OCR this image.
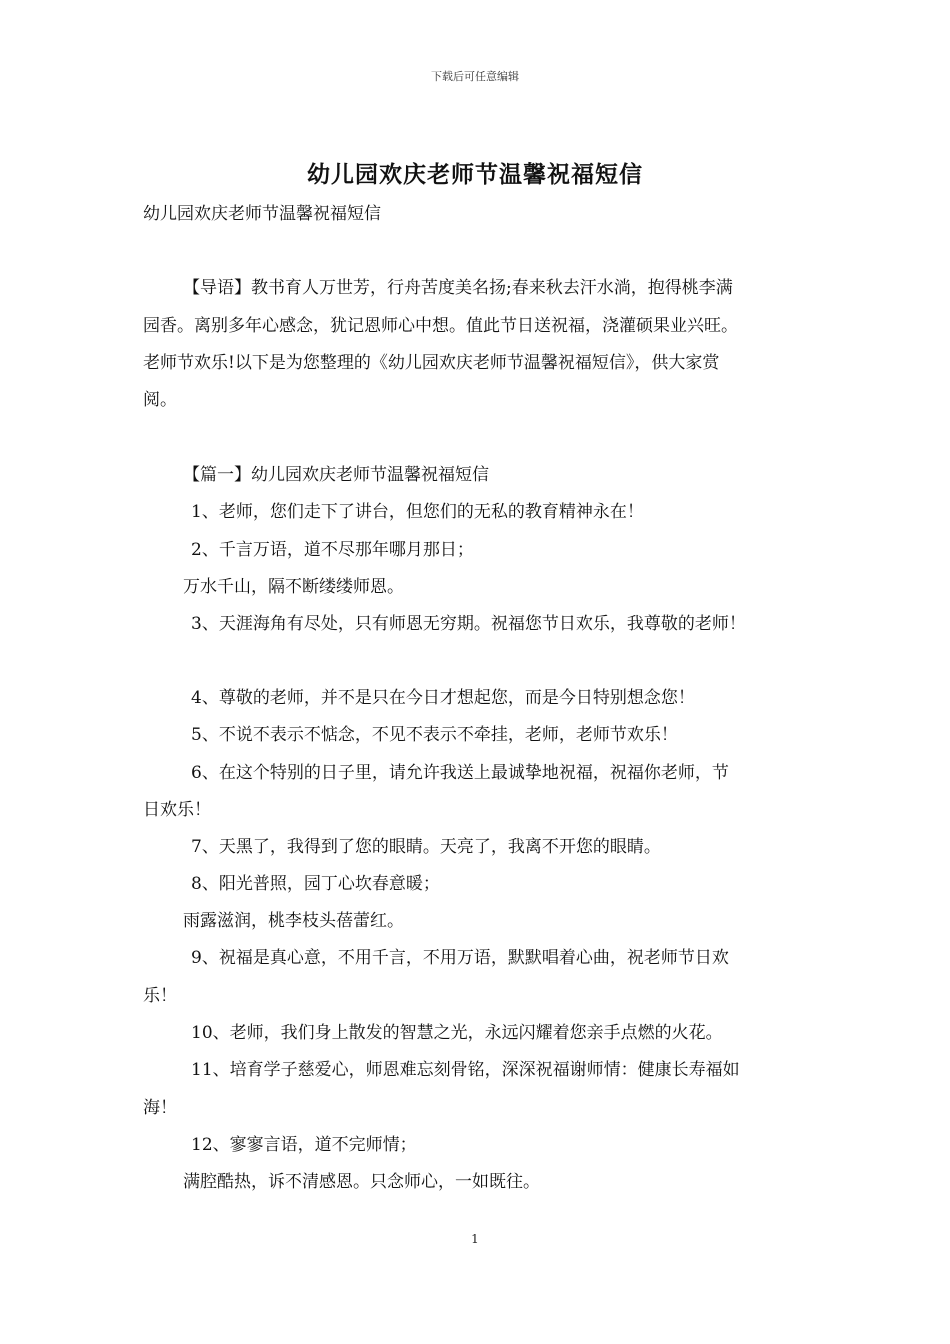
下载后可任意编辑
幼儿园欢庆老师节温馨祝福短信
幼儿园欢庆老师节温馨祝福短信
【导语】教书育人万世芳，行舟苦度美名扬;春来秋去汗水淌，抱得桃李满
园香。离别多年心感念，犹记恩师心中想。值此节日送祝福，浇灌硕果业兴旺。
老师节欢乐!以下是为您整理的《幼儿园欢庆老师节温馨祝福短信》，供大家赏
阅。
【篇一】幼儿园欢庆老师节温馨祝福短信
1、老师，您们走下了讲台，但您们的无私的教育精神永在！
2、千言万语，道不尽那年哪月那日；
万水千山，隔不断缕缕师恩。
3、天涯海角有尽处，只有师恩无穷期。祝福您节日欢乐，我尊敬的老师！
4、尊敬的老师，并不是只在今日才想起您，而是今日特别想念您！
5、不说不表示不惦念，不见不表示不牵挂，老师，老师节欢乐！
6、在这个特别的日子里，请允许我送上最诚挚地祝福，祝福你老师，节
日欢乐！
7、天黑了，我得到了您的眼睛。天亮了，我离不开您的眼睛。
8、阳光普照，园丁心坎春意暖；
雨露滋润，桃李枝头蓓蕾红。
9、祝福是真心意，不用千言，不用万语，默默唱着心曲，祝老师节日欢
乐！
10、老师，我们身上散发的智慧之光，永远闪耀着您亲手点燃的火花。
11、培育学子慈爱心，师恩难忘刻骨铭，深深祝福谢师情：健康长寿福如
海！
12、寥寥言语，道不完师情；
满腔酷热，诉不清感恩。只念师心，一如既往。
1
